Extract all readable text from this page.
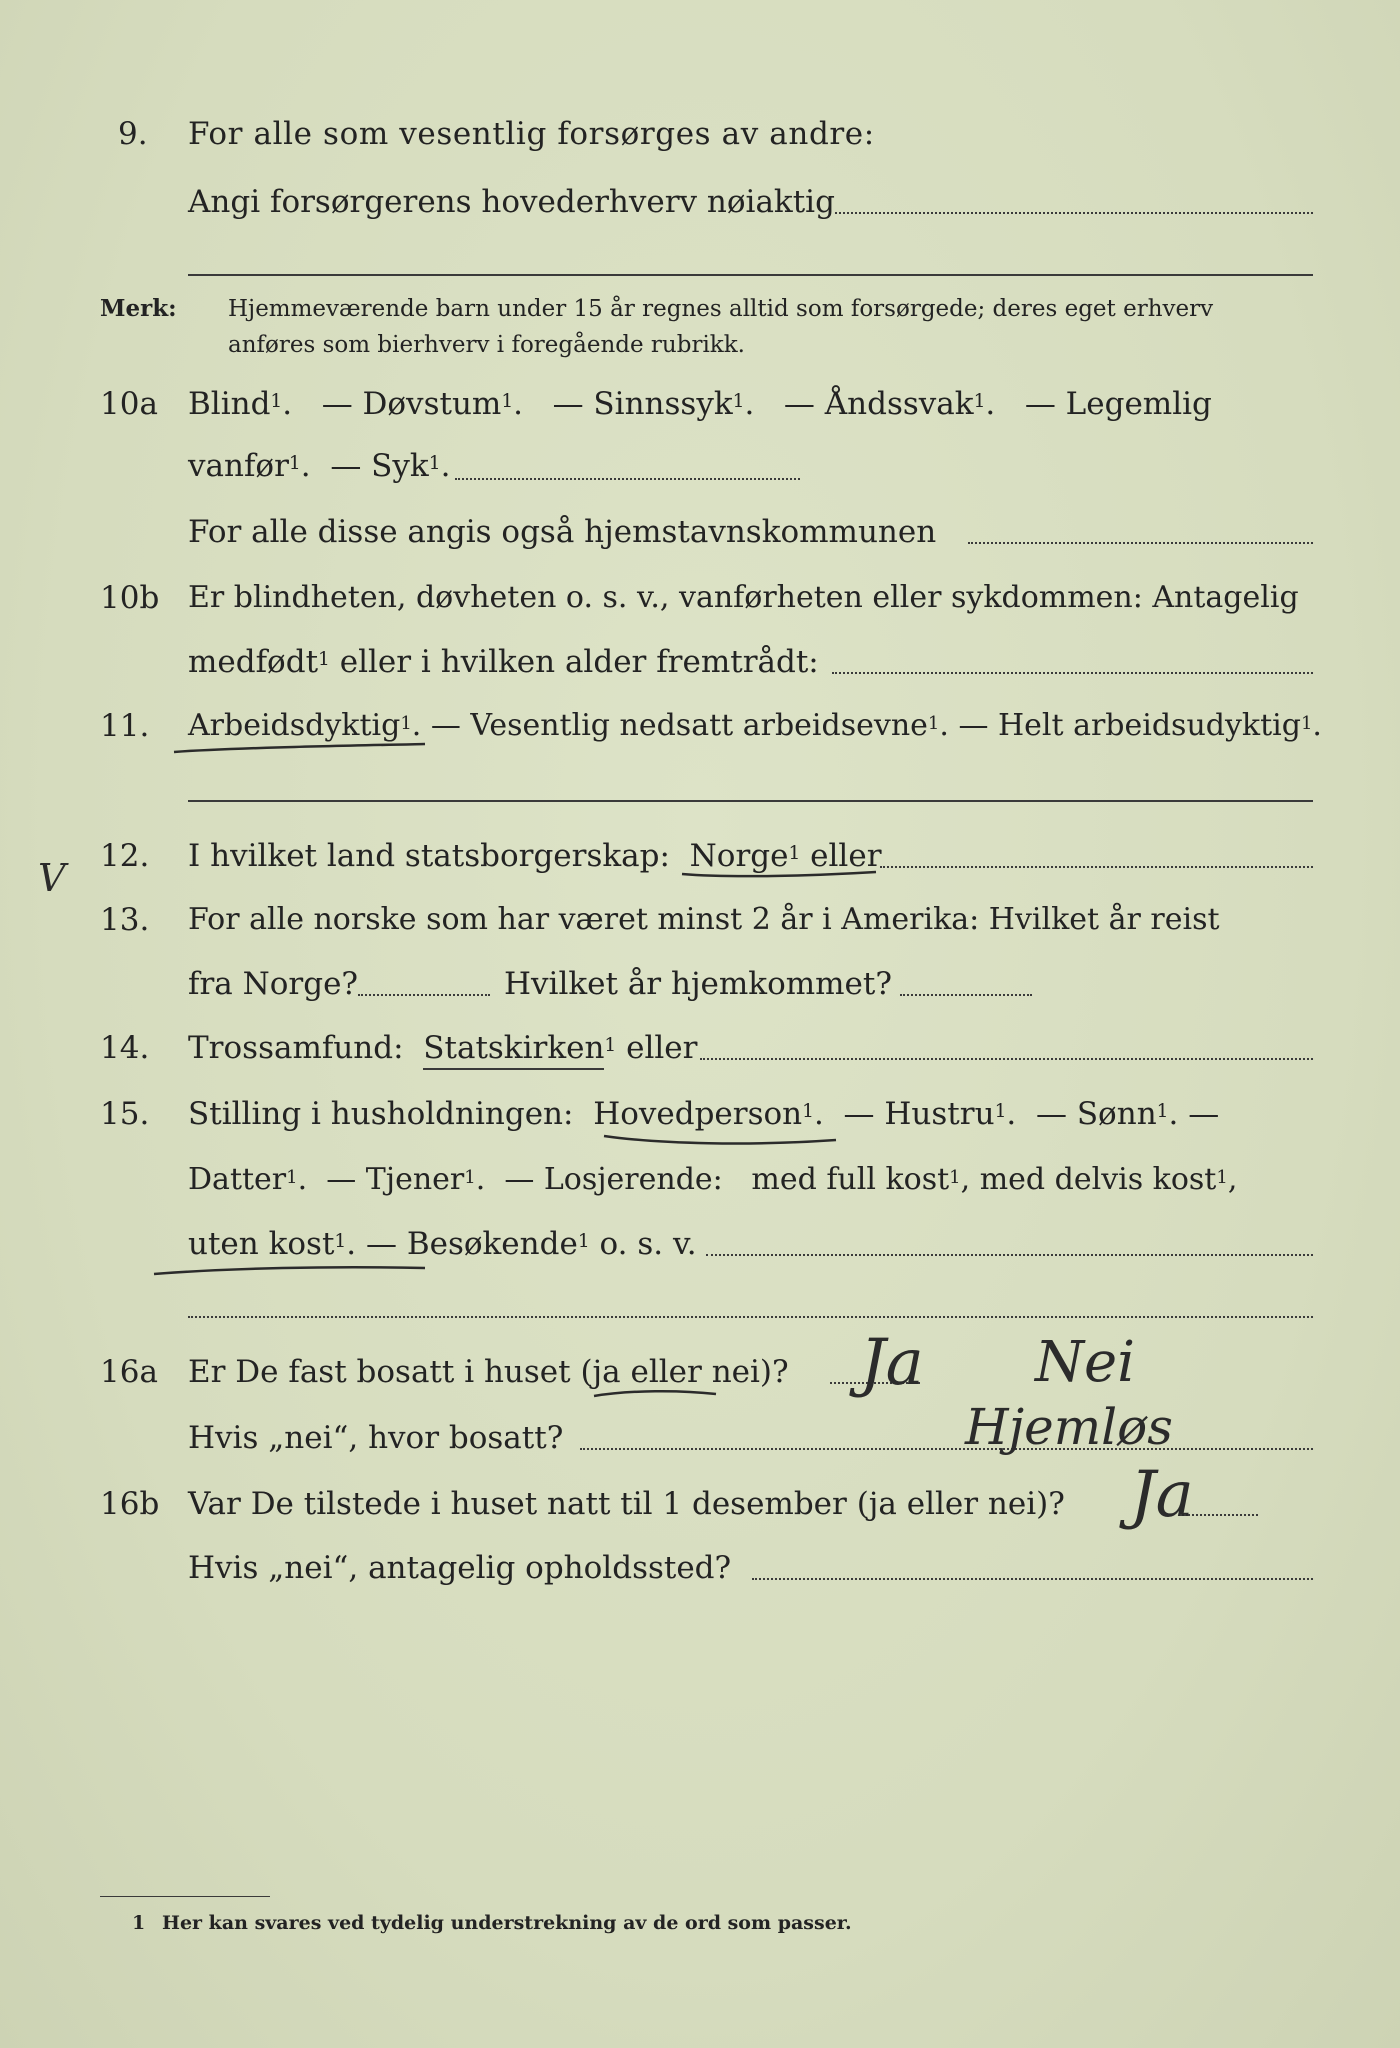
9. For alle som vesentlig forsørges av andre:
Angi forsørgerens hovederhverv nøiaktig
Merk: Hjemmeværende barn under 15 år regnes alltid som forsørgede; deres eget erhverv
anføres som bierhverv i foregående rubrikk.
10a Blind$^1$.   — Døvstum$^1$.   — Sinnssyk$^1$.   — Åndssvak$^1$.   — Legemlig
vanfør$^1$.  — Syk$^1$.
For alle disse angis også hjemstavnskommunen
10b Er blindheten, døvheten o. s. v., vanførheten eller sykdommen: Antagelig
medfødt$^1$ eller i hvilken alder fremtrådt:
11. Arbeidsdyktig$^1$. — Vesentlig nedsatt arbeidsevne$^1$. — Helt arbeidsudyktig$^1$.
V 12. I hvilket land statsborgerskap: Norge$^1$ eller
13. For alle norske som har været minst 2 år i Amerika: Hvilket år reist
fra Norge?	Hvilket år hjemkommet?
14. Trossamfund: Statskirken$^1$ eller
15. Stilling i husholdningen: Hovedperson$^1$.  — Hustru$^1$.  — Sønn$^1$. —
Datter$^1$.  — Tjener$^1$.  — Losjerende: med full kost$^1$, med delvis kost$^1$,
uten kost$^1$. — Besøkende$^1$ o. s. v.
16a Er De fast bosatt i huset (ja eller nei)? Ja Nei
Hvis „nei“, hvor bosatt?	Hjemløs
16b Var De tilstede i huset natt til 1 desember (ja eller nei)? Ja
Hvis „nei“, antagelig opholdssted?
1 Her kan svares ved tydelig understrekning av de ord som passer.
